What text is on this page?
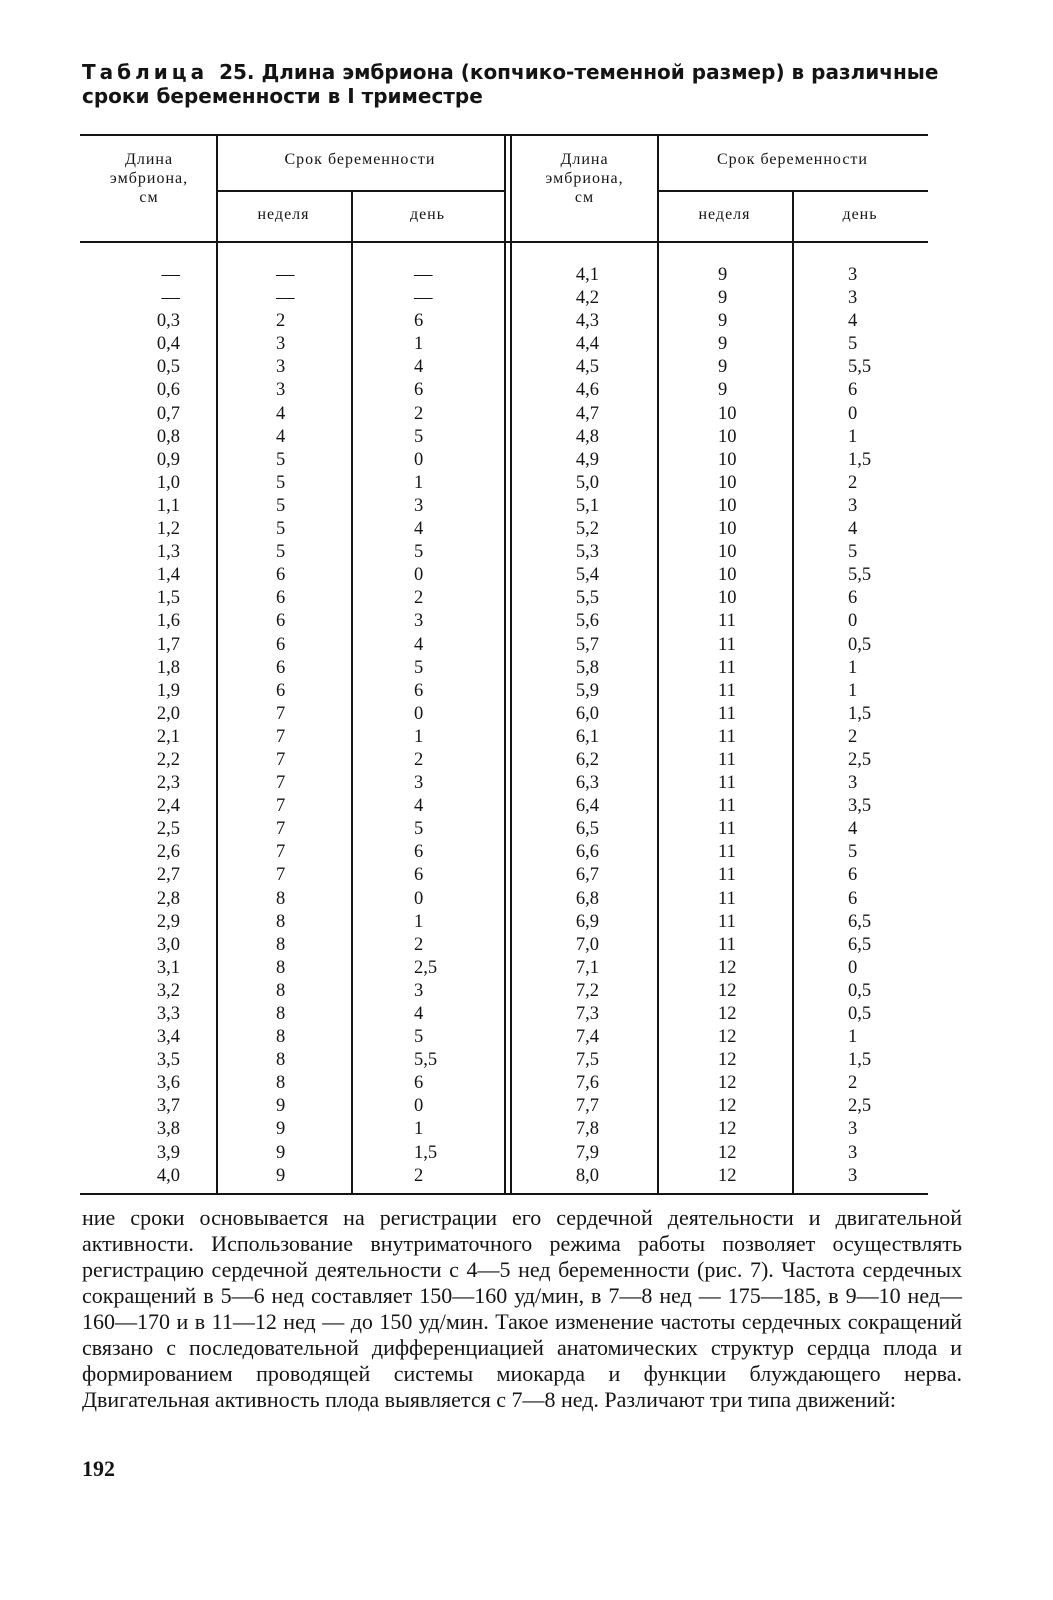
Таблица 25. Длина эмбриона (копчико-теменной размер) в различные сроки беременности в I триместре
Длина
эмбриона,
см
Срок беременности
неделя	день
Длина
эмбриона,
см
Срок беременности
неделя	день
—
—
0,3
0,4
0,5
0,6
0,7
0,8
0,9
1,0
1,1
1,2
1,3
1,4
1,5
1,6
1,7
1,8
1,9
2,0
2,1
2,2
2,3
2,4
2,5
2,6
2,7
2,8
2,9
3,0
3,1
3,2
3,3
3,4
3,5
3,6
3,7
3,8
3,9
4,0
—
—
2
3
3
3
4
4
5
5
5
5
5
6
6
6
6
6
6
7
7
7
7
7
7
7
7
8
8
8
8
8
8
8
8
8
9
9
9
9
—
—
6
1
4
6
2
5
0
1
3
4
5
0
2
3
4
5
6
0
1
2
3
4
5
6
6
0
1
2
2,5
3
4
5
5,5
6
0
1
1,5
2
4,1
4,2
4,3
4,4
4,5
4,6
4,7
4,8
4,9
5,0
5,1
5,2
5,3
5,4
5,5
5,6
5,7
5,8
5,9
6,0
6,1
6,2
6,3
6,4
6,5
6,6
6,7
6,8
6,9
7,0
7,1
7,2
7,3
7,4
7,5
7,6
7,7
7,8
7,9
8,0
9
9
9
9
9
9
10
10
10
10
10
10
10
10
10
11
11
11
11
11
11
11
11
11
11
11
11
11
11
11
12
12
12
12
12
12
12
12
12
12
3
3
4
5
5,5
6
0
1
1,5
2
3
4
5
5,5
6
0
0,5
1
1
1,5
2
2,5
3
3,5
4
5
6
6
6,5
6,5
0
0,5
0,5
1
1,5
2
2,5
3
3
3
ние сроки основывается на регистрации его сердечной деятельности и двигательной активности. Использование внутриматочного режима работы позволяет осуществлять регистрацию сердечной деятельности с 4—5 нед беременности (рис. 7). Частота сердечных сокращений в 5—6 нед составляет 150—160 уд/мин, в 7—8 нед — 175—185, в 9—10 нед— 160—170 и в 11—12 нед — до 150 уд/мин. Такое изменение частоты сердечных сокращений связано с последовательной дифференциацией анатомических структур сердца плода и формированием проводящей системы миокарда и функции блуждающего нерва. Двигательная активность плода выявляется с 7—8 нед. Различают три типа движений:
192
